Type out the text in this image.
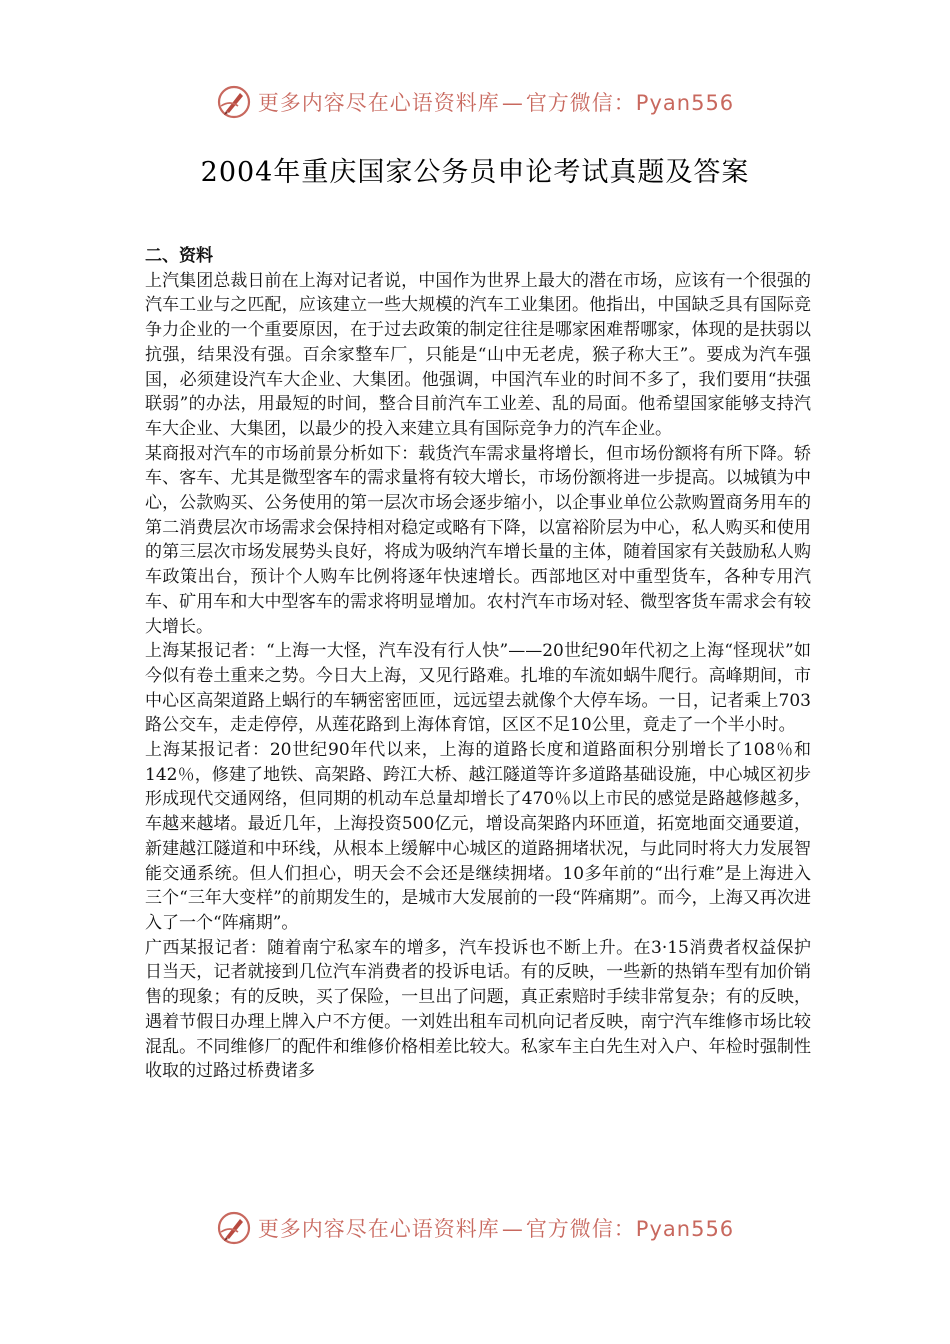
更多内容尽在心语资料库—官方微信：Pyan556
2004年重庆国家公务员申论考试真题及答案
二、资料

上汽集团总裁日前在上海对记者说，中国作为世界上最大的潜在市场，应该有一个很强的汽车工业与之匹配，应该建立一些大规模的汽车工业集团。他指出，中国缺乏具有国际竞争力企业的一个重要原因，在于过去政策的制定往往是哪家困难帮哪家，体现的是扶弱以抗强，结果没有强。百余家整车厂，只能是“山中无老虎，猴子称大王”。要成为汽车强国，必须建设汽车大企业、大集团。他强调，中国汽车业的时间不多了，我们要用“扶强联弱”的办法，用最短的时间，整合目前汽车工业差、乱的局面。他希望国家能够支持汽车大企业、大集团，以最少的投入来建立具有国际竞争力的汽车企业。

某商报对汽车的市场前景分析如下：载货汽车需求量将增长，但市场份额将有所下降。轿车、客车、尤其是微型客车的需求量将有较大增长，市场份额将进一步提高。以城镇为中心，公款购买、公务使用的第一层次市场会逐步缩小，以企事业单位公款购置商务用车的第二消费层次市场需求会保持相对稳定或略有下降，以富裕阶层为中心，私人购买和使用的第三层次市场发展势头良好，将成为吸纳汽车增长量的主体，随着国家有关鼓励私人购车政策出台，预计个人购车比例将逐年快速增长。西部地区对中重型货车，各种专用汽车、矿用车和大中型客车的需求将明显增加。农村汽车市场对轻、微型客货车需求会有较大增长。

上海某报记者：“上海一大怪，汽车没有行人快”——20世纪90年代初之上海“怪现状”如今似有卷土重来之势。今日大上海，又见行路难。扎堆的车流如蜗牛爬行。高峰期间，市中心区高架道路上蜗行的车辆密密匝匝，远远望去就像个大停车场。一日，记者乘上703路公交车，走走停停，从莲花路到上海体育馆，区区不足10公里，竟走了一个半小时。

上海某报记者：20世纪90年代以来，上海的道路长度和道路面积分别增长了108％和142％，修建了地铁、高架路、跨江大桥、越江隧道等许多道路基础设施，中心城区初步形成现代交通网络，但同期的机动车总量却增长了470％以上市民的感觉是路越修越多，车越来越堵。最近几年，上海投资500亿元，增设高架路内环匝道，拓宽地面交通要道，新建越江隧道和中环线，从根本上缓解中心城区的道路拥堵状况，与此同时将大力发展智能交通系统。但人们担心，明天会不会还是继续拥堵。10多年前的“出行难”是上海进入三个“三年大变样”的前期发生的，是城市大发展前的一段“阵痛期”。而今，上海又再次进入了一个“阵痛期”。

广西某报记者：随着南宁私家车的增多，汽车投诉也不断上升。在3·15消费者权益保护日当天，记者就接到几位汽车消费者的投诉电话。有的反映，一些新的热销车型有加价销售的现象；有的反映，买了保险，一旦出了问题，真正索赔时手续非常复杂；有的反映，遇着节假日办理上牌入户不方便。一刘姓出租车司机向记者反映，南宁汽车维修市场比较混乱。不同维修厂的配件和维修价格相差比较大。私家车主白先生对入户、年检时强制性收取的过路过桥费诸多

更多内容尽在心语资料库—官方微信：Pyan556
